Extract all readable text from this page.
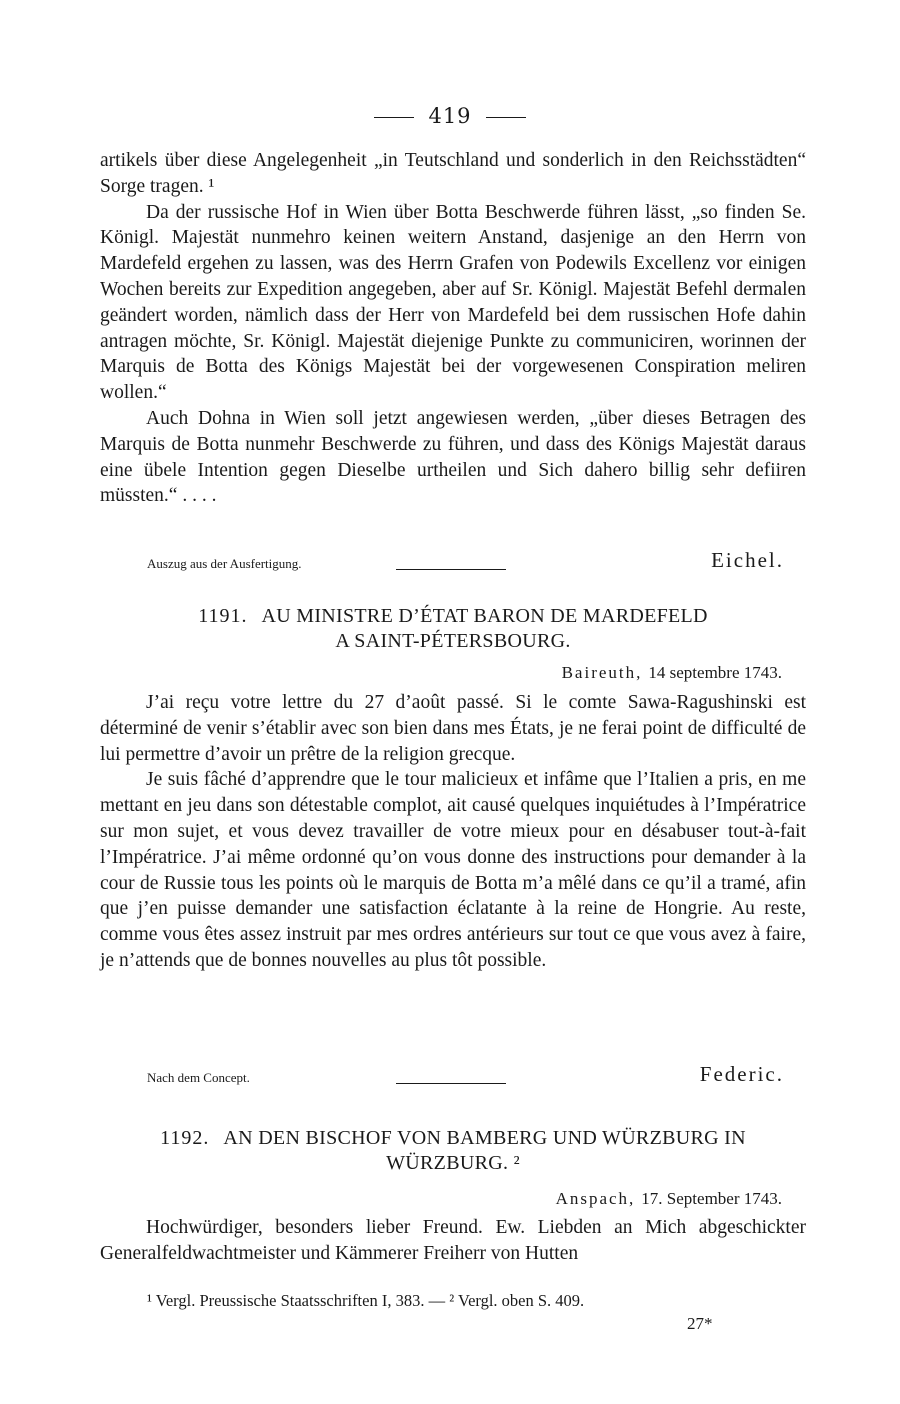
419

artikels über diese Angelegenheit „in Teutschland und sonderlich in den Reichsstädten“ Sorge tragen. ¹

Da der russische Hof in Wien über Botta Beschwerde führen lässt, „so finden Se. Königl. Majestät nunmehro keinen weitern Anstand, dasjenige an den Herrn von Mardefeld ergehen zu lassen, was des Herrn Grafen von Podewils Excellenz vor einigen Wochen bereits zur Expedition angegeben, aber auf Sr. Königl. Majestät Befehl dermalen geändert worden, nämlich dass der Herr von Mardefeld bei dem russischen Hofe dahin antragen möchte, Sr. Königl. Majestät diejenige Punkte zu communiciren, worinnen der Marquis de Botta des Königs Majestät bei der vorgewesenen Conspiration meliren wollen.“

Auch Dohna in Wien soll jetzt angewiesen werden, „über dieses Betragen des Marquis de Botta nunmehr Beschwerde zu führen, und dass des Königs Majestät daraus eine übele Intention gegen Dieselbe urtheilen und Sich dahero billig sehr defiiren müssten.“ . . . .

Auszug aus der Ausfertigung.	Eichel.
1191. AU MINISTRE D’ÉTAT BARON DE MARDEFELD
A SAINT-PÉTERSBOURG.
Baireuth, 14 septembre 1743.

J’ai reçu votre lettre du 27 d’août passé. Si le comte Sawa-Ragushinski est déterminé de venir s’établir avec son bien dans mes États, je ne ferai point de difficulté de lui permettre d’avoir un prêtre de la religion grecque.

Je suis fâché d’apprendre que le tour malicieux et infâme que l’Italien a pris, en me mettant en jeu dans son détestable complot, ait causé quelques inquiétudes à l’Impératrice sur mon sujet, et vous devez travailler de votre mieux pour en désabuser tout-à-fait l’Impératrice. J’ai même ordonné qu’on vous donne des instructions pour demander à la cour de Russie tous les points où le marquis de Botta m’a mêlé dans ce qu’il a tramé, afin que j’en puisse demander une satisfaction éclatante à la reine de Hongrie. Au reste, comme vous êtes assez instruit par mes ordres antérieurs sur tout ce que vous avez à faire, je n’attends que de bonnes nouvelles au plus tôt possible.

Nach dem Concept.	Federic.
1192. AN DEN BISCHOF VON BAMBERG UND WÜRZBURG IN
WÜRZBURG. ²
Anspach, 17. September 1743.

Hochwürdiger, besonders lieber Freund. Ew. Liebden an Mich abgeschickter Generalfeldwachtmeister und Kämmerer Freiherr von Hutten

¹ Vergl. Preussische Staatsschriften I, 383. — ² Vergl. oben S. 409.
27*
